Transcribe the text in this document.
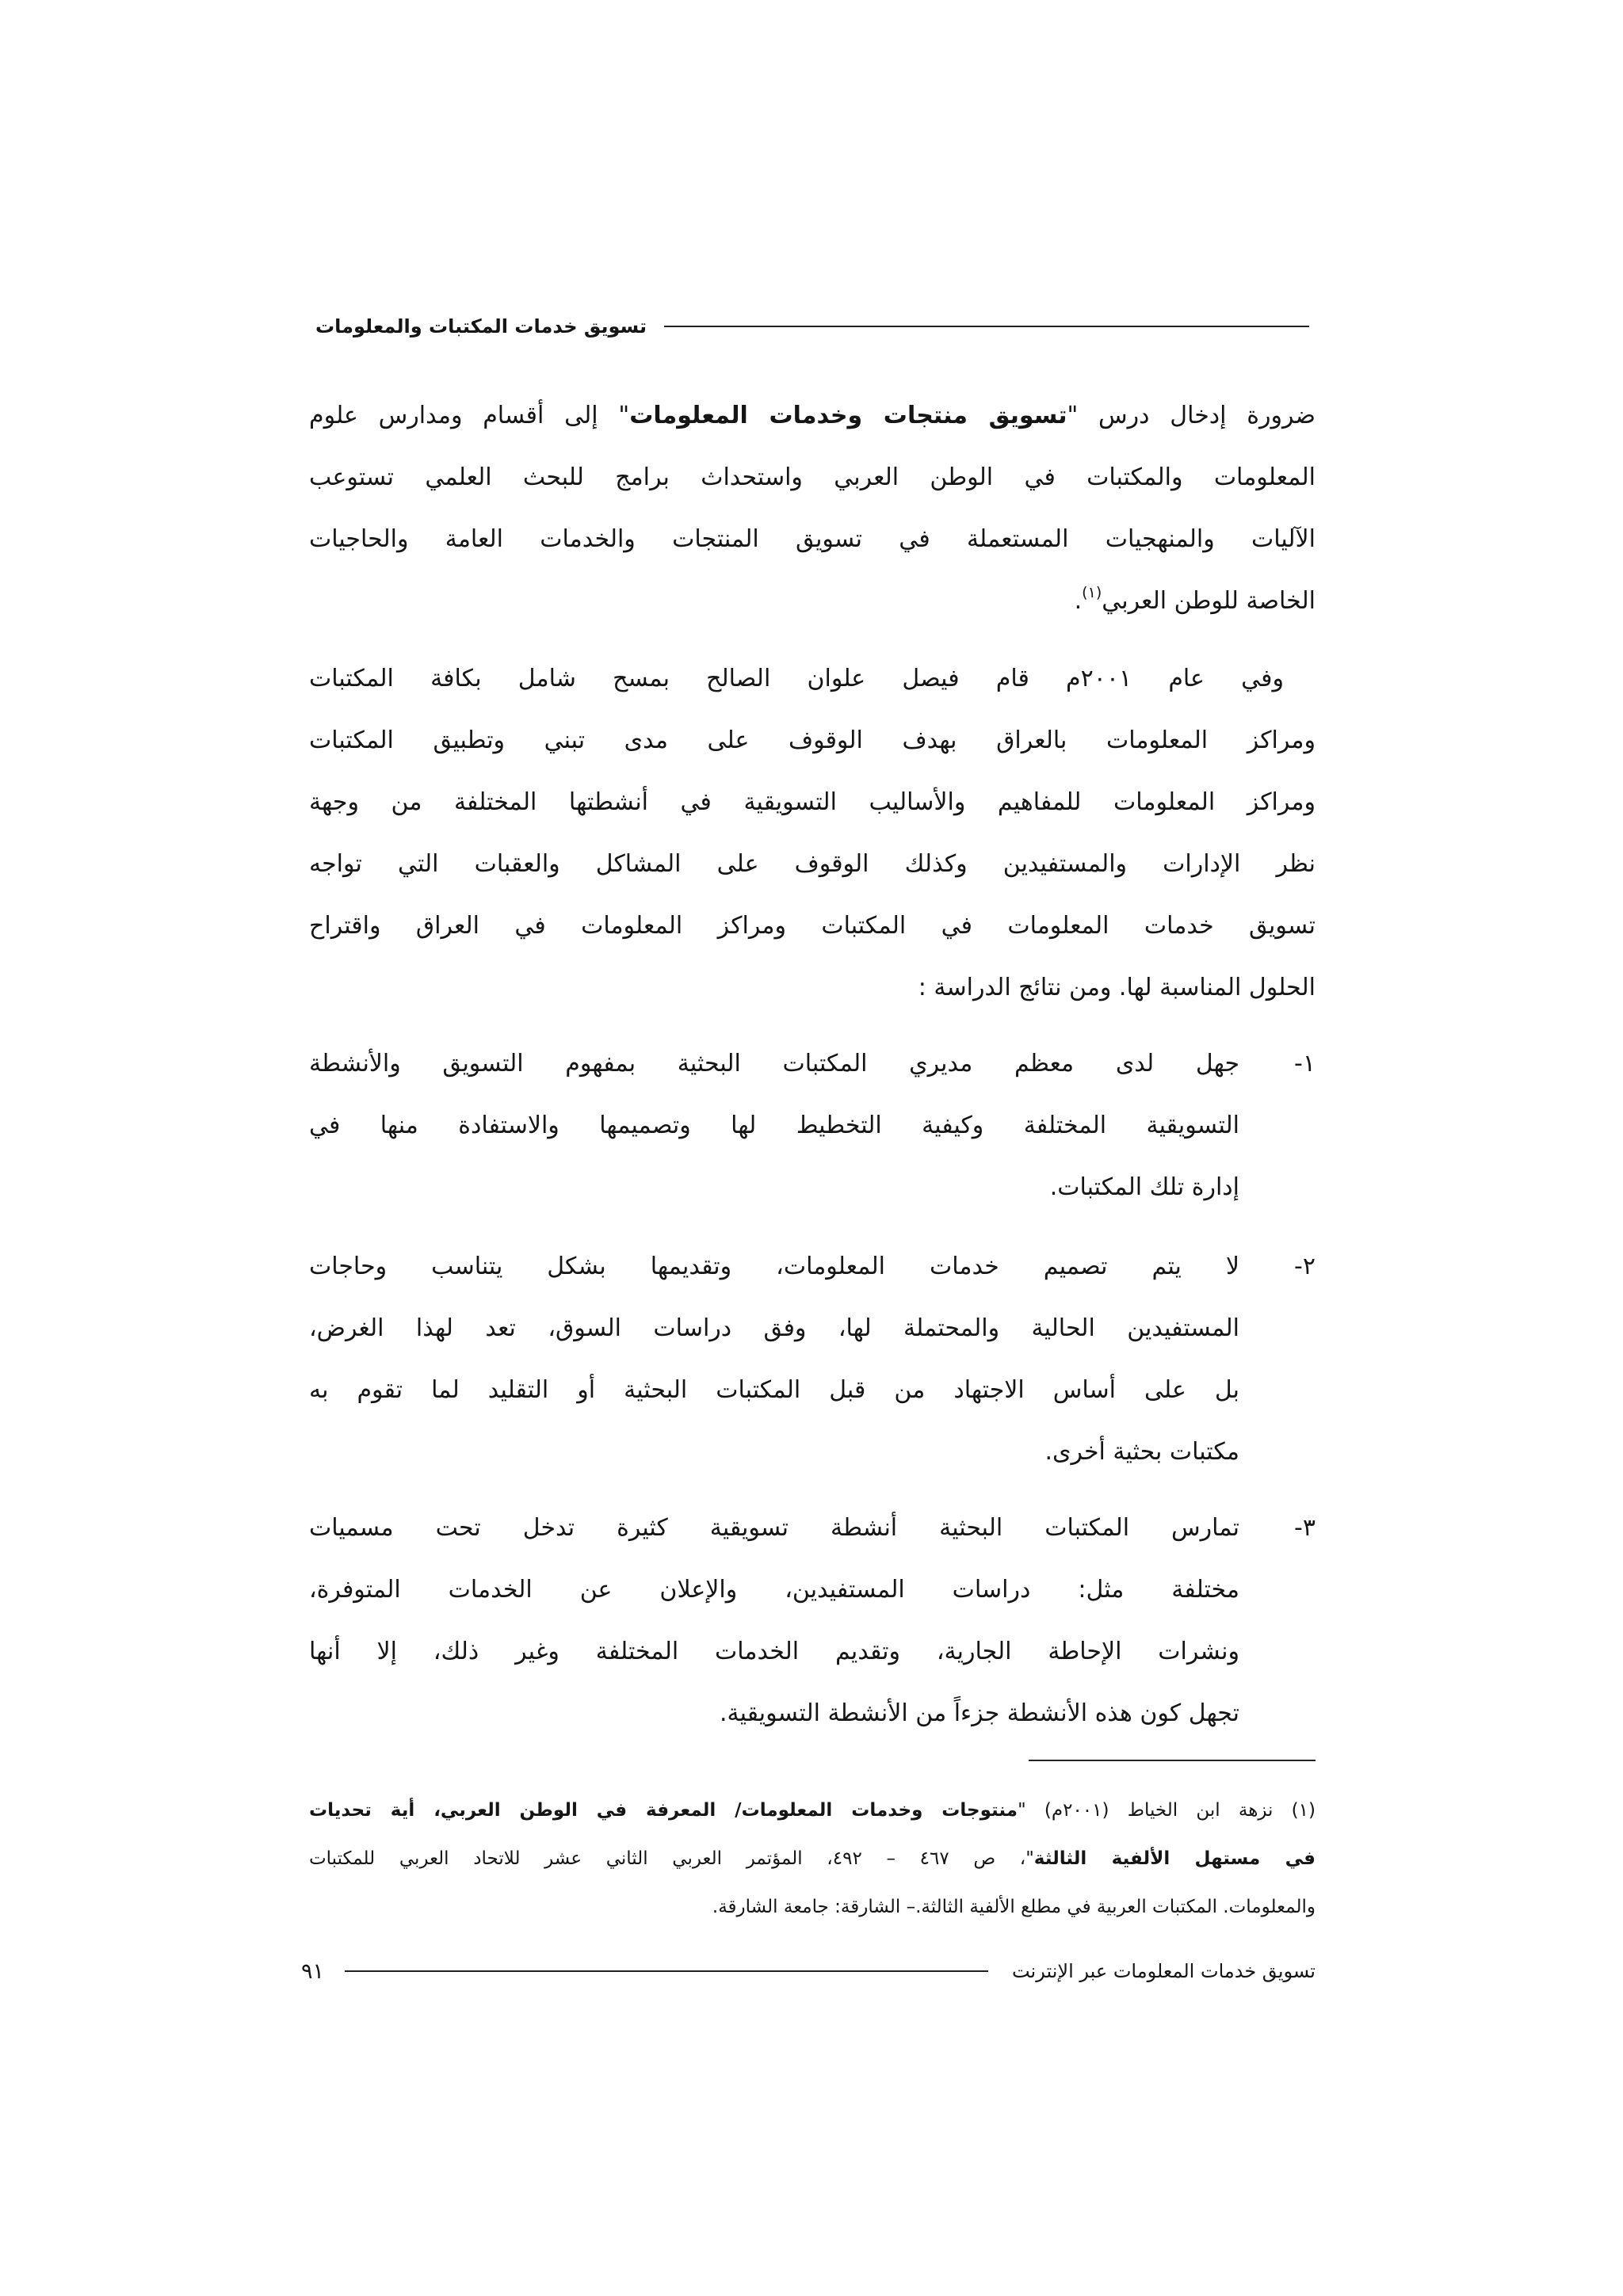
تسويق خدمات المكتبات والمعلومات
ضرورة إدخال درس "تسويق منتجات وخدمات المعلومات" إلى أقسام ومدارس علوم
المعلومات والمكتبات في الوطن العربي واستحداث برامج للبحث العلمي تستوعب
الآليات والمنهجيات المستعملة في تسويق المنتجات والخدمات العامة والحاجيات
الخاصة للوطن العربي$^{(١)}$.
وفي عام ٢٠٠١م قام فيصل علوان الصالح بمسح شامل بكافة المكتبات
ومراكز المعلومات بالعراق بهدف الوقوف على مدى تبني وتطبيق المكتبات
ومراكز المعلومات للمفاهيم والأساليب التسويقية في أنشطتها المختلفة من وجهة
نظر الإدارات والمستفيدين وكذلك الوقوف على المشاكل والعقبات التي تواجه
تسويق خدمات المعلومات في المكتبات ومراكز المعلومات في العراق واقتراح
الحلول المناسبة لها. ومن نتائج الدراسة :
١-
جهل لدى معظم مديري المكتبات البحثية بمفهوم التسويق والأنشطة
التسويقية المختلفة وكيفية التخطيط لها وتصميمها والاستفادة منها في
إدارة تلك المكتبات.
٢-
لا يتم تصميم خدمات المعلومات، وتقديمها بشكل يتناسب وحاجات
المستفيدين الحالية والمحتملة لها، وفق دراسات السوق، تعد لهذا الغرض،
بل على أساس الاجتهاد من قبل المكتبات البحثية أو التقليد لما تقوم به
مكتبات بحثية أخرى.
٣-
تمارس المكتبات البحثية أنشطة تسويقية كثيرة تدخل تحت مسميات
مختلفة مثل: دراسات المستفيدين، والإعلان عن الخدمات المتوفرة،
ونشرات الإحاطة الجارية، وتقديم الخدمات المختلفة وغير ذلك، إلا أنها
تجهل كون هذه الأنشطة جزءاً من الأنشطة التسويقية.
(١) نزهة ابن الخياط (٢٠٠١م) "منتوجات وخدمات المعلومات/ المعرفة في الوطن العربي، أية تحديات
في مستهل الألفية الثالثة"، ص ٤٦٧ – ٤٩٢، المؤتمر العربي الثاني عشر للاتحاد العربي للمكتبات
والمعلومات. المكتبات العربية في مطلع الألفية الثالثة.– الشارقة: جامعة الشارقة.
٩١	تسويق خدمات المعلومات عبر الإنترنت
